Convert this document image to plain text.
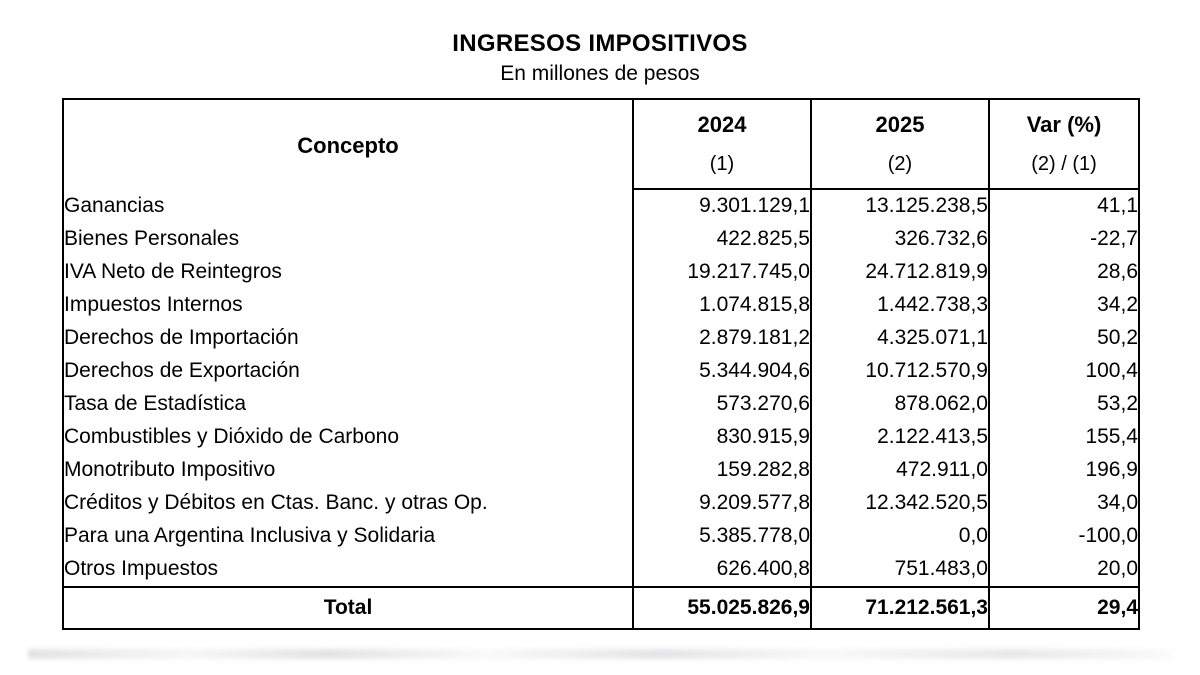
INGRESOS IMPOSITIVOS
En millones de pesos
Concepto	2024	2025	Var (%)
	(1)	(2)	(2) / (1)
Ganancias	9.301.129,1	13.125.238,5	41,1
Bienes Personales	422.825,5	326.732,6	-22,7
IVA Neto de Reintegros	19.217.745,0	24.712.819,9	28,6
Impuestos Internos	1.074.815,8	1.442.738,3	34,2
Derechos de Importación	2.879.181,2	4.325.071,1	50,2
Derechos de Exportación	5.344.904,6	10.712.570,9	100,4
Tasa de Estadística	573.270,6	878.062,0	53,2
Combustibles y Dióxido de Carbono	830.915,9	2.122.413,5	155,4
Monotributo Impositivo	159.282,8	472.911,0	196,9
Créditos y Débitos en Ctas. Banc. y otras Op.	9.209.577,8	12.342.520,5	34,0
Para una Argentina Inclusiva y Solidaria	5.385.778,0	0,0	-100,0
Otros Impuestos	626.400,8	751.483,0	20,0
Total	55.025.826,9	71.212.561,3	29,4
